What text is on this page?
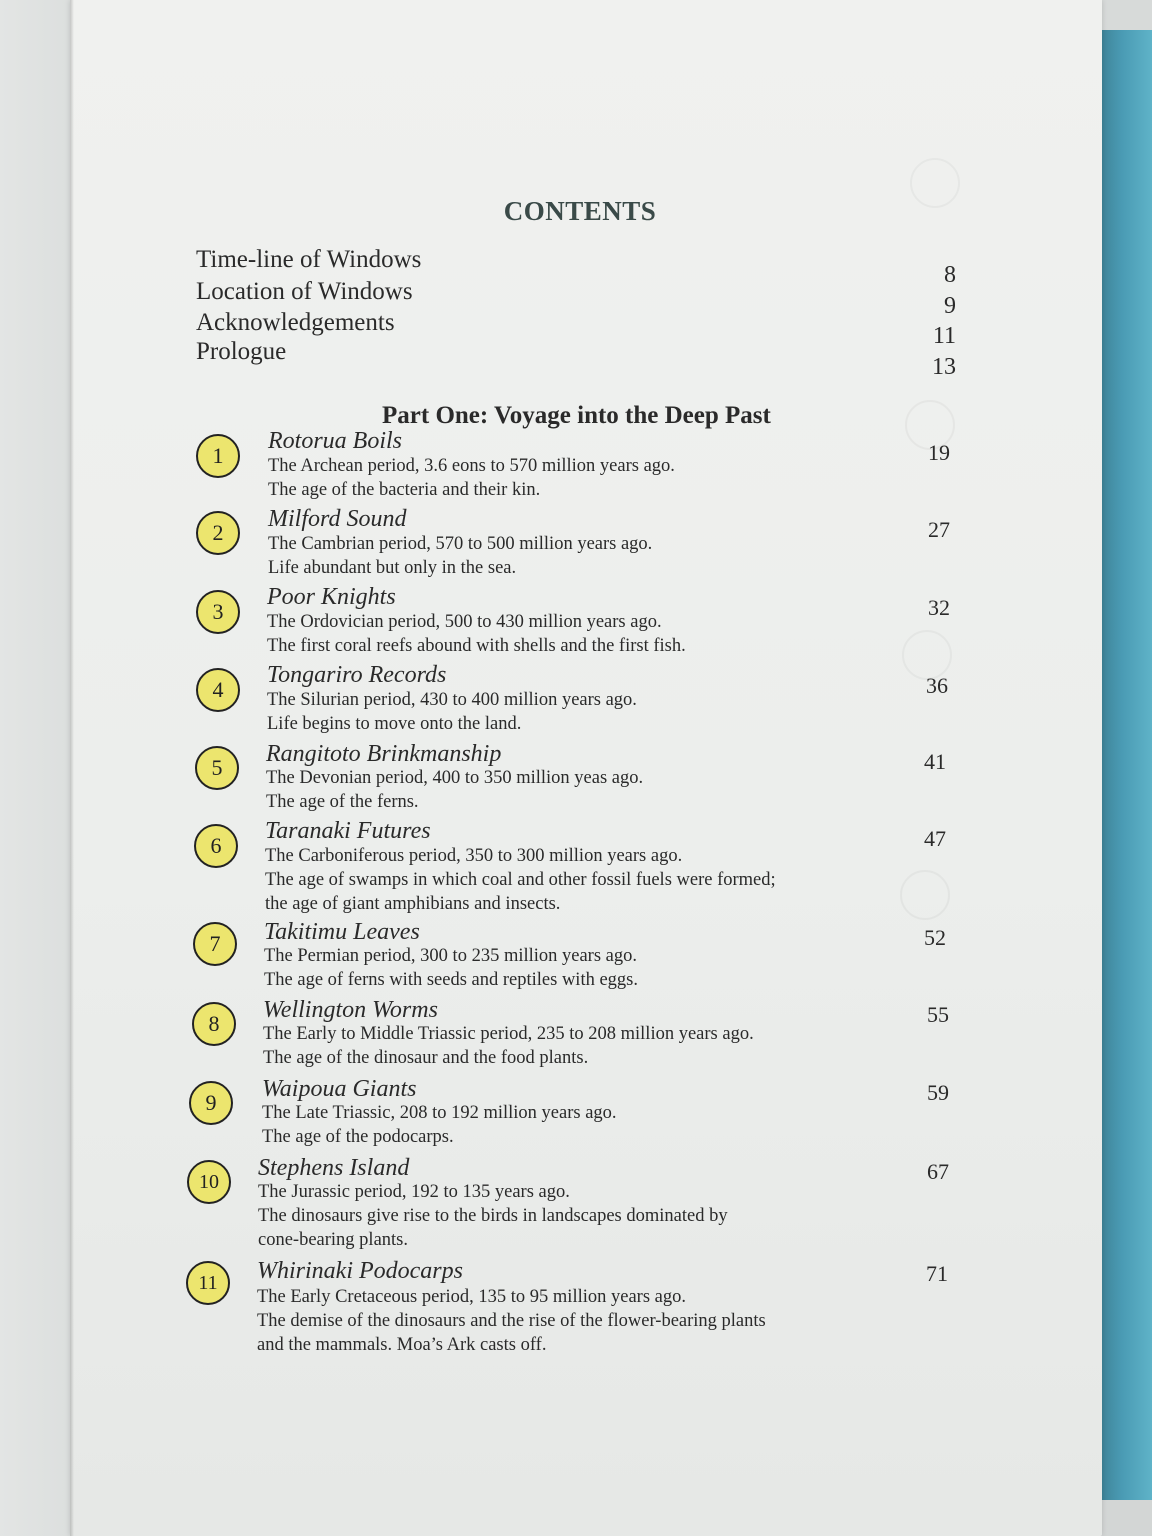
CONTENTS
Time-line of Windows
Location of Windows
Acknowledgements
Prologue
8
9
11
13
Part One: Voyage into the Deep Past
1
Rotorua Boils
The Archean period, 3.6 eons to 570 million years ago.
The age of the bacteria and their kin.
19
2
Milford Sound
The Cambrian period, 570 to 500 million years ago.
Life abundant but only in the sea.
27
3
Poor Knights
The Ordovician period, 500 to 430 million years ago.
The first coral reefs abound with shells and the first fish.
32
4
Tongariro Records
The Silurian period, 430 to 400 million years ago.
Life begins to move onto the land.
36
5
Rangitoto Brinkmanship
The Devonian period, 400 to 350 million yeas ago.
The age of the ferns.
41
6
Taranaki Futures
The Carboniferous period, 350 to 300 million years ago.
The age of swamps in which coal and other fossil fuels were formed;
the age of giant amphibians and insects.
47
7	Takitimu Leaves
The Permian period, 300 to 235 million years ago.
The age of ferns with seeds and reptiles with eggs.
52
8
Wellington Worms
The Early to Middle Triassic period, 235 to 208 million years ago.
The age of the dinosaur and the food plants.
55
9
Waipoua Giants
The Late Triassic, 208 to 192 million years ago.
The age of the podocarps.
59
10
Stephens Island
The Jurassic period, 192 to 135 years ago.
The dinosaurs give rise to the birds in landscapes dominated by
cone-bearing plants.
67
11	Whirinaki Podocarps
The Early Cretaceous period, 135 to 95 million years ago.
The demise of the dinosaurs and the rise of the flower-bearing plants
and the mammals. Moa’s Ark casts off.
71
